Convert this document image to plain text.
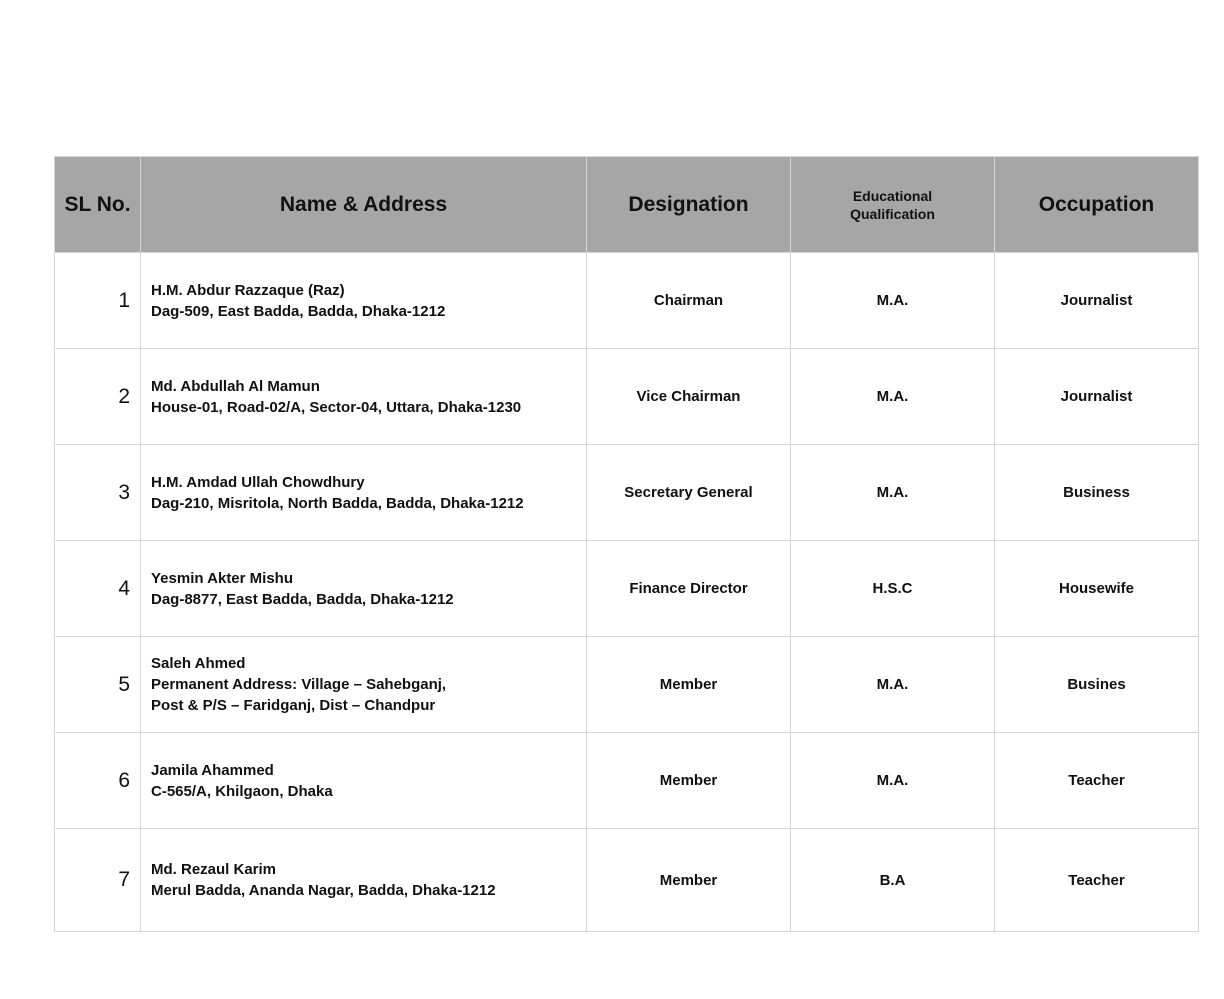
SL No.	Name & Address	Designation	Educational
Qualification	Occupation
1	H.M. Abdur Razzaque (Raz)
Dag-509, East Badda, Badda, Dhaka-1212	Chairman	M.A.	Journalist
2	Md. Abdullah Al Mamun
House-01, Road-02/A, Sector-04, Uttara, Dhaka-1230	Vice Chairman	M.A.	Journalist
3	H.M. Amdad Ullah Chowdhury
Dag-210, Misritola, North Badda, Badda, Dhaka-1212	Secretary General	M.A.	Business
4	Yesmin Akter Mishu
Dag-8877, East Badda, Badda, Dhaka-1212	Finance Director	H.S.C	Housewife
5	Saleh Ahmed
Permanent Address: Village – Sahebganj,
Post & P/S – Faridganj, Dist – Chandpur	Member	M.A.	Busines
6	Jamila Ahammed
C-565/A, Khilgaon, Dhaka	Member	M.A.	Teacher
7	Md. Rezaul Karim
Merul Badda, Ananda Nagar, Badda, Dhaka-1212	Member	B.A	Teacher
